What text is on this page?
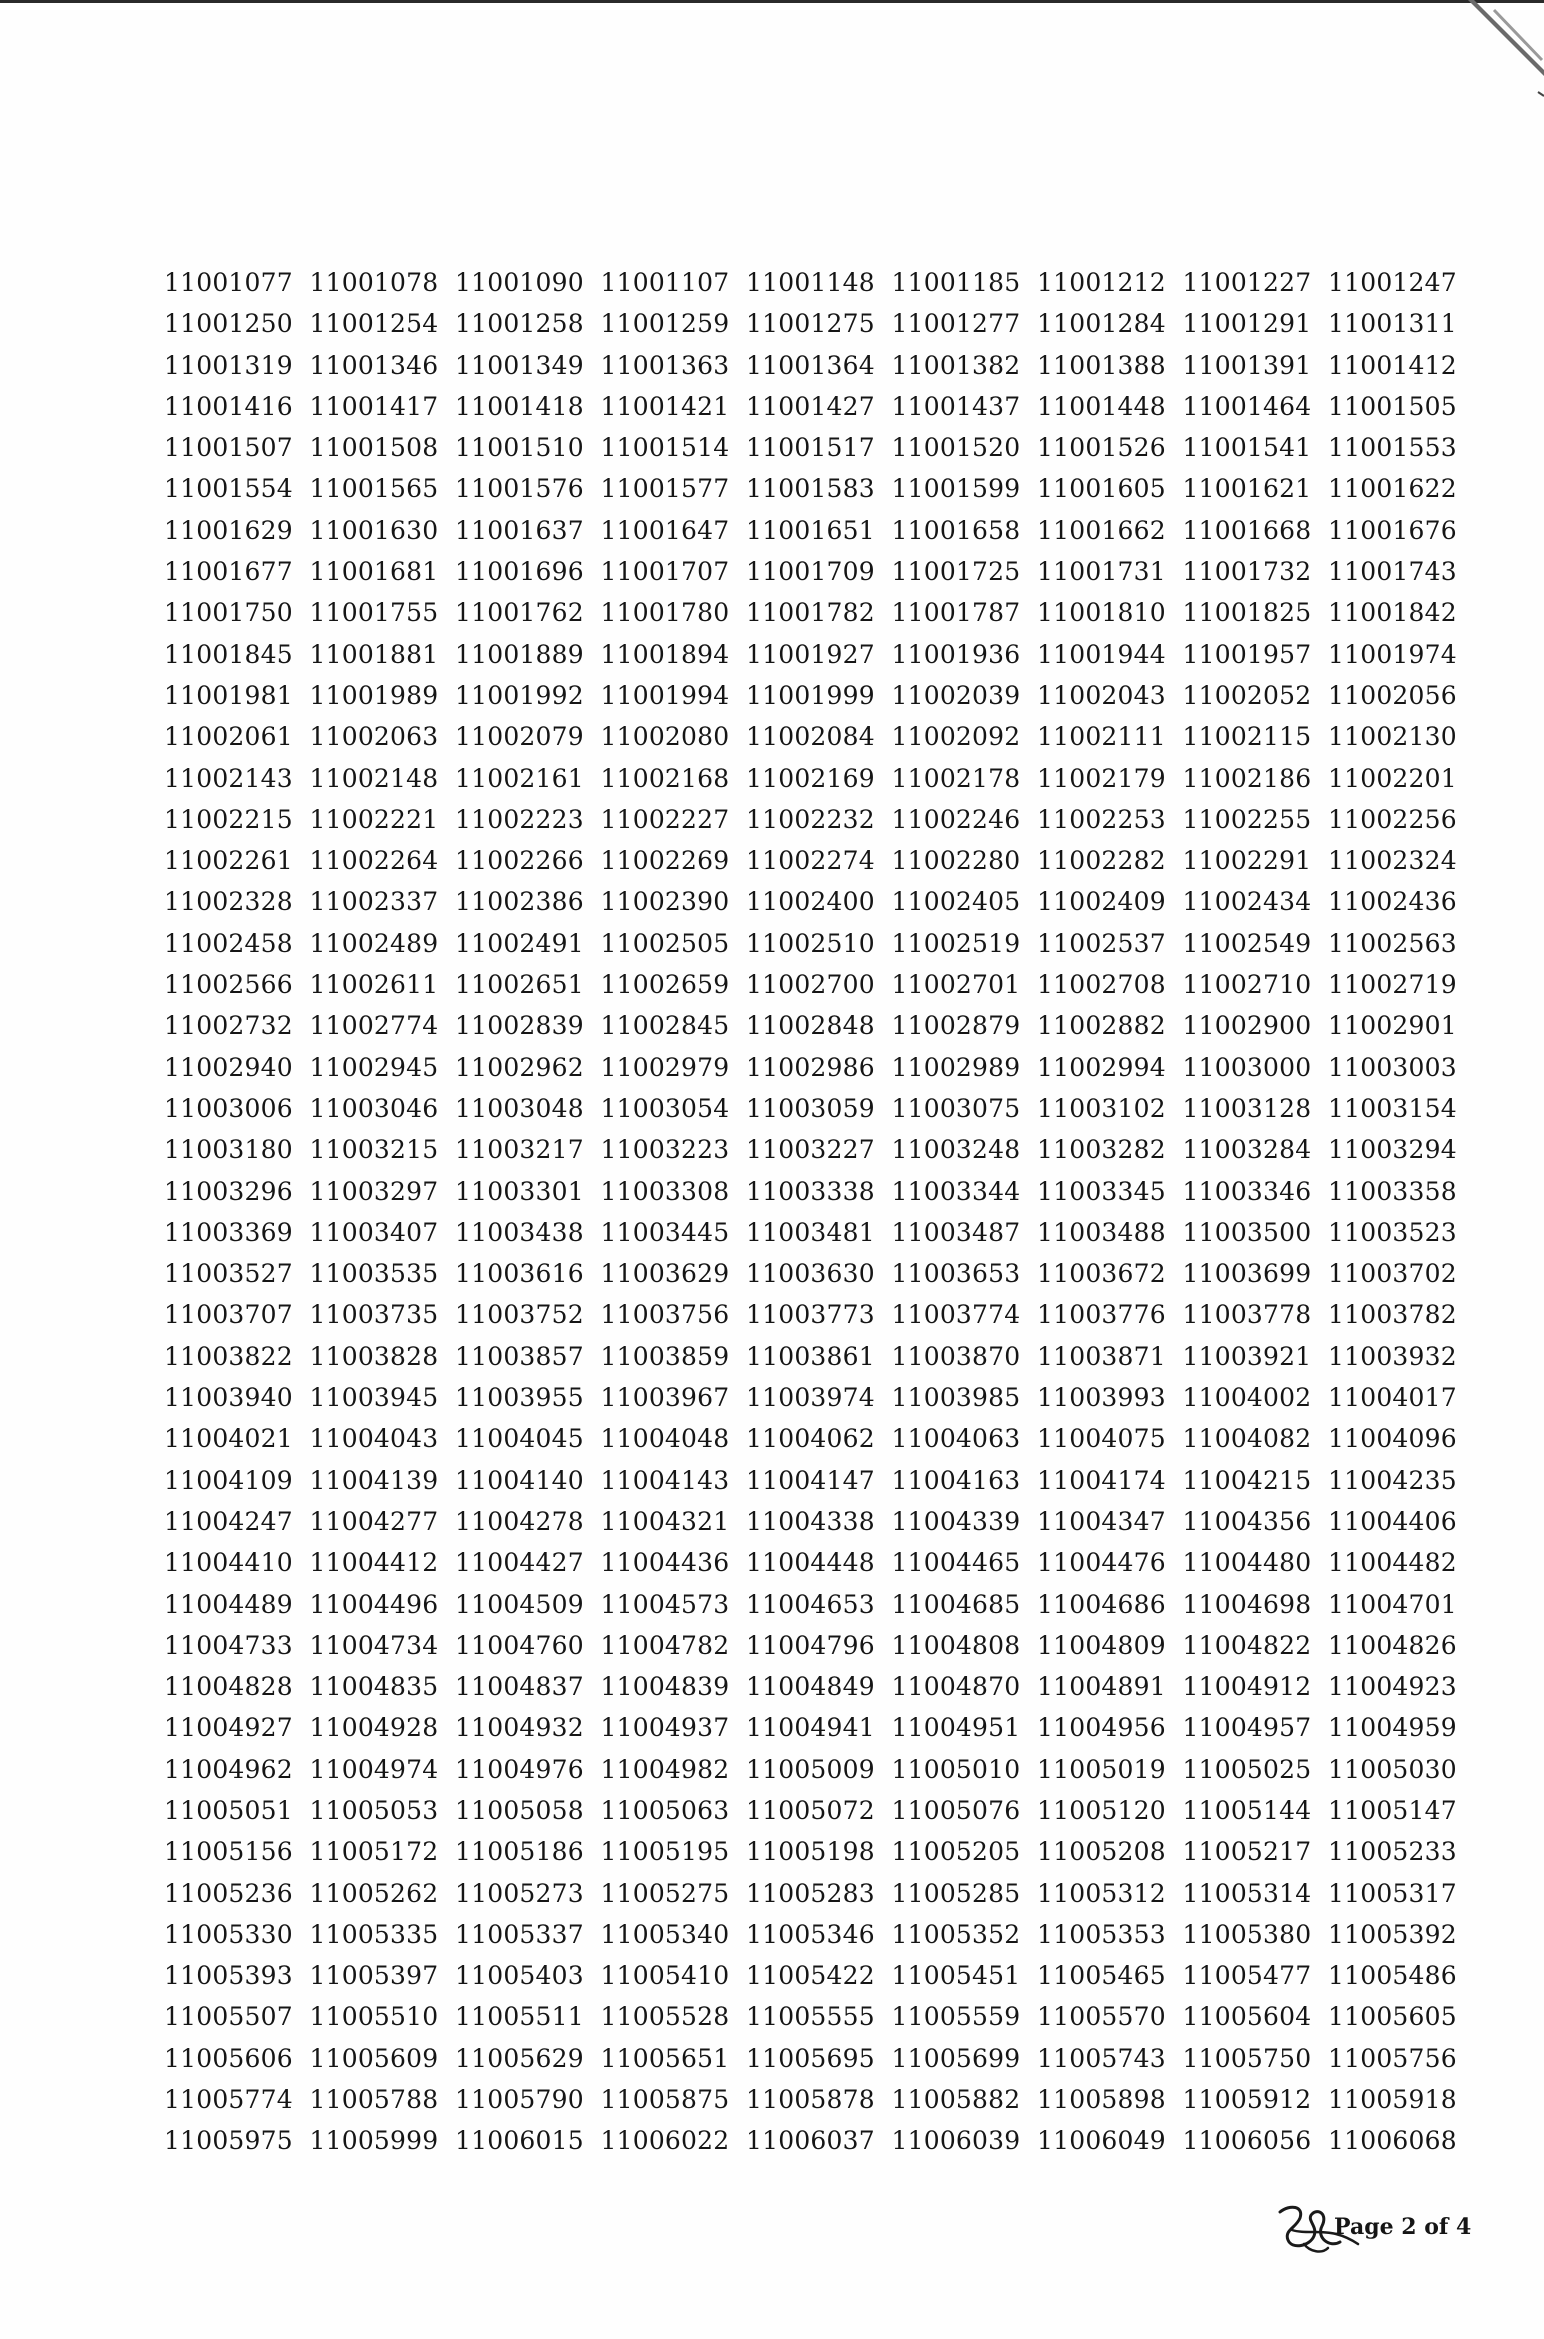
11001077 11001078 11001090 11001107 11001148 11001185 11001212 11001227 11001247
11001250 11001254 11001258 11001259 11001275 11001277 11001284 11001291 11001311
11001319 11001346 11001349 11001363 11001364 11001382 11001388 11001391 11001412
11001416 11001417 11001418 11001421 11001427 11001437 11001448 11001464 11001505
11001507 11001508 11001510 11001514 11001517 11001520 11001526 11001541 11001553
11001554 11001565 11001576 11001577 11001583 11001599 11001605 11001621 11001622
11001629 11001630 11001637 11001647 11001651 11001658 11001662 11001668 11001676
11001677 11001681 11001696 11001707 11001709 11001725 11001731 11001732 11001743
11001750 11001755 11001762 11001780 11001782 11001787 11001810 11001825 11001842
11001845 11001881 11001889 11001894 11001927 11001936 11001944 11001957 11001974
11001981 11001989 11001992 11001994 11001999 11002039 11002043 11002052 11002056
11002061 11002063 11002079 11002080 11002084 11002092 11002111 11002115 11002130
11002143 11002148 11002161 11002168 11002169 11002178 11002179 11002186 11002201
11002215 11002221 11002223 11002227 11002232 11002246 11002253 11002255 11002256
11002261 11002264 11002266 11002269 11002274 11002280 11002282 11002291 11002324
11002328 11002337 11002386 11002390 11002400 11002405 11002409 11002434 11002436
11002458 11002489 11002491 11002505 11002510 11002519 11002537 11002549 11002563
11002566 11002611 11002651 11002659 11002700 11002701 11002708 11002710 11002719
11002732 11002774 11002839 11002845 11002848 11002879 11002882 11002900 11002901
11002940 11002945 11002962 11002979 11002986 11002989 11002994 11003000 11003003
11003006 11003046 11003048 11003054 11003059 11003075 11003102 11003128 11003154
11003180 11003215 11003217 11003223 11003227 11003248 11003282 11003284 11003294
11003296 11003297 11003301 11003308 11003338 11003344 11003345 11003346 11003358
11003369 11003407 11003438 11003445 11003481 11003487 11003488 11003500 11003523
11003527 11003535 11003616 11003629 11003630 11003653 11003672 11003699 11003702
11003707 11003735 11003752 11003756 11003773 11003774 11003776 11003778 11003782
11003822 11003828 11003857 11003859 11003861 11003870 11003871 11003921 11003932
11003940 11003945 11003955 11003967 11003974 11003985 11003993 11004002 11004017
11004021 11004043 11004045 11004048 11004062 11004063 11004075 11004082 11004096
11004109 11004139 11004140 11004143 11004147 11004163 11004174 11004215 11004235
11004247 11004277 11004278 11004321 11004338 11004339 11004347 11004356 11004406
11004410 11004412 11004427 11004436 11004448 11004465 11004476 11004480 11004482
11004489 11004496 11004509 11004573 11004653 11004685 11004686 11004698 11004701
11004733 11004734 11004760 11004782 11004796 11004808 11004809 11004822 11004826
11004828 11004835 11004837 11004839 11004849 11004870 11004891 11004912 11004923
11004927 11004928 11004932 11004937 11004941 11004951 11004956 11004957 11004959
11004962 11004974 11004976 11004982 11005009 11005010 11005019 11005025 11005030
11005051 11005053 11005058 11005063 11005072 11005076 11005120 11005144 11005147
11005156 11005172 11005186 11005195 11005198 11005205 11005208 11005217 11005233
11005236 11005262 11005273 11005275 11005283 11005285 11005312 11005314 11005317
11005330 11005335 11005337 11005340 11005346 11005352 11005353 11005380 11005392
11005393 11005397 11005403 11005410 11005422 11005451 11005465 11005477 11005486
11005507 11005510 11005511 11005528 11005555 11005559 11005570 11005604 11005605
11005606 11005609 11005629 11005651 11005695 11005699 11005743 11005750 11005756
11005774 11005788 11005790 11005875 11005878 11005882 11005898 11005912 11005918
11005975 11005999 11006015 11006022 11006037 11006039 11006049 11006056 11006068
Page 2 of 4
